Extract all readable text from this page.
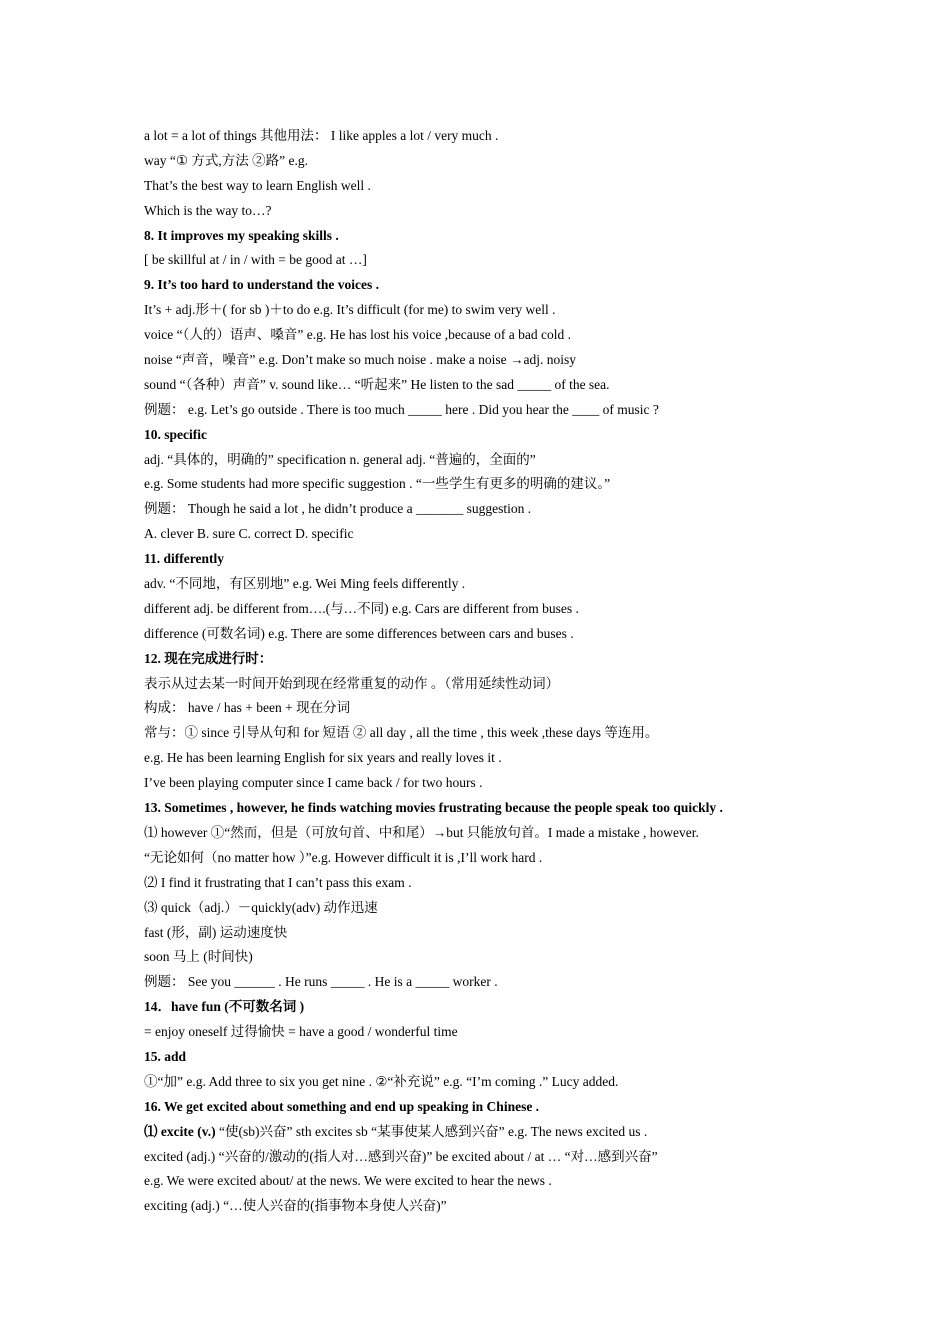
a lot = a lot of things 其他用法： I like apples a lot / very much .
way “① 方式,方法 ②路” e.g.
That’s the best way to learn English well .
Which is the way to…?
8. It improves my speaking skills .
[ be skillful at / in / with = be good at …]
9. It’s too hard to understand the voices .
It’s + adj.形＋( for sb )＋to do e.g. It’s difficult (for me) to swim very well .
voice “（人的）语声、嗓音” e.g. He has lost his voice ,because of a bad cold .
noise “声音，噪音” e.g. Don’t make so much noise . make a noise →adj. noisy
sound “（各种）声音” v. sound like… “听起来” He listen to the sad _____ of the sea.
例题： e.g. Let’s go outside . There is too much _____ here . Did you hear the ____ of music ?
10. specific
adj. “具体的，明确的” specification n. general adj. “普遍的，全面的”
e.g. Some students had more specific suggestion . “一些学生有更多的明确的建议。”
例题： Though he said a lot , he didn’t produce a _______ suggestion .
A. clever B. sure C. correct D. specific
11. differently
adv. “不同地，有区别地” e.g. Wei Ming feels differently .
different adj. be different from….(与…不同) e.g. Cars are different from buses .
difference (可数名词) e.g. There are some differences between cars and buses .
12. 现在完成进行时：
表示从过去某一时间开始到现在经常重复的动作 。（常用延续性动词）
构成： have / has + been + 现在分词
常与：① since 引导从句和 for 短语 ② all day , all the time , this week ,these days 等连用。
e.g. He has been learning English for six years and really loves it .
I’ve been playing computer since I came back / for two hours .
13. Sometimes , however, he finds watching movies frustrating because the people speak too quickly .
⑴ however ①“然而，但是（可放句首、中和尾）→but 只能放句首。I made a mistake , however.
“无论如何（no matter how ）”e.g. However difficult it is ,I’ll work hard .
⑵ I find it frustrating that I can’t pass this exam .
⑶ quick（adj.）－quickly(adv) 动作迅速
fast (形，副) 运动速度快
soon 马上 (时间快)
例题： See you ______ . He runs _____ . He is a _____ worker .
14．have fun (不可数名词 )
= enjoy oneself 过得愉快 = have a good / wonderful time
15. add
①“加” e.g. Add three to six you get nine . ②“补充说” e.g. “I’m coming .” Lucy added.
16. We get excited about something and end up speaking in Chinese .
⑴ excite (v.) “使(sb)兴奋” sth excites sb “某事使某人感到兴奋” e.g. The news excited us .
excited (adj.) “兴奋的/激动的(指人对…感到兴奋)” be excited about / at … “对…感到兴奋”
e.g. We were excited about/ at the news. We were excited to hear the news .
exciting (adj.) “…使人兴奋的(指事物本身使人兴奋)”
